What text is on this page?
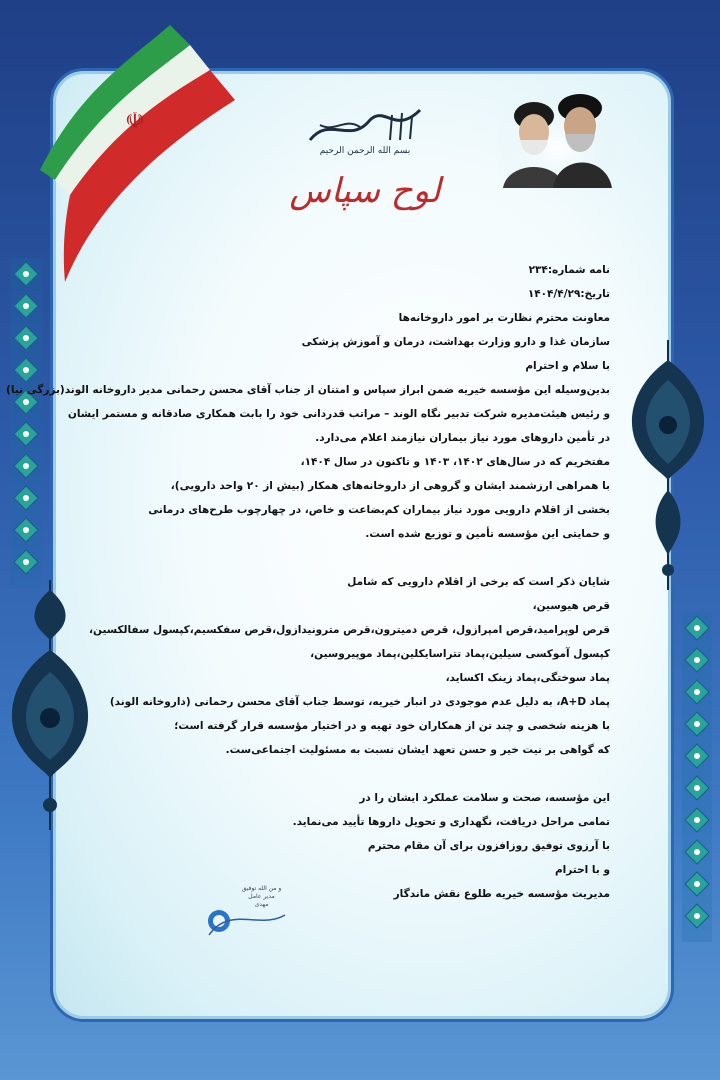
☫
بسم الله الرحمن الرحیم
لوح سپاس
و من الله توفیق
مدیر عامل
مهدی

نامه شماره:۲۳۴

تاریخ:۱۴۰۴/۴/۲۹

معاونت محترم نظارت بر امور داروخانه‌ها

سازمان غذا و دارو وزارت بهداشت، درمان و آموزش پزشکی

با سلام و احترام

بدین‌وسیله این مؤسسه خیریه ضمن ابراز سپاس و امتنان از جناب آقای محسن رحمانی مدیر داروخانه الوند(بزرگی نیا)

و رئیس هیئت‌مدیره شرکت تدبیر نگاه الوند – مراتب قدردانی خود را بابت همکاری صادقانه و مستمر ایشان

در تأمین داروهای مورد نیاز بیماران نیازمند اعلام می‌دارد.

مفتخریم که در سال‌های ۱۴۰۲، ۱۴۰۳ و تاکنون در سال ۱۴۰۴،

با همراهی ارزشمند ایشان و گروهی از داروخانه‌های همکار (بیش از ۲۰ واحد دارویی)،

بخشی از اقلام دارویی مورد نیاز بیماران کم‌بضاعت و خاص، در چهارچوب طرح‌های درمانی

و حمایتی این مؤسسه تأمین و توزیع شده است.

شایان ذکر است که برخی از اقلام دارویی که شامل

قرص هیوسین،

قرص لوپرامید،قرص امپرازول، قرص دمیترون،قرص مترونیدازول،قرص سفکسیم،کپسول سفالکسین،

کپسول آموکسی سیلین،پماد تتراسایکلین،پماد موپیروسین،

پماد سوختگی،پماد زینک اکساید،

پماد A+D، به دلیل عدم موجودی در انبار خیریه، توسط جناب آقای محسن رحمانی (داروخانه الوند)

با هزینه شخصی و چند تن از همکاران خود تهیه و در اختیار مؤسسه قرار گرفته است؛

که گواهی بر نیت خیر و حسن تعهد ایشان نسبت به مسئولیت اجتماعی‌ست.

این مؤسسه، صحت و سلامت عملکرد ایشان را در

تمامی مراحل دریافت، نگهداری و تحویل داروها تأیید می‌نماید.

با آرزوی توفیق روزافزون برای آن مقام محترم

و با احترام

مدیریت مؤسسه خیریه طلوع نقش ماندگار
